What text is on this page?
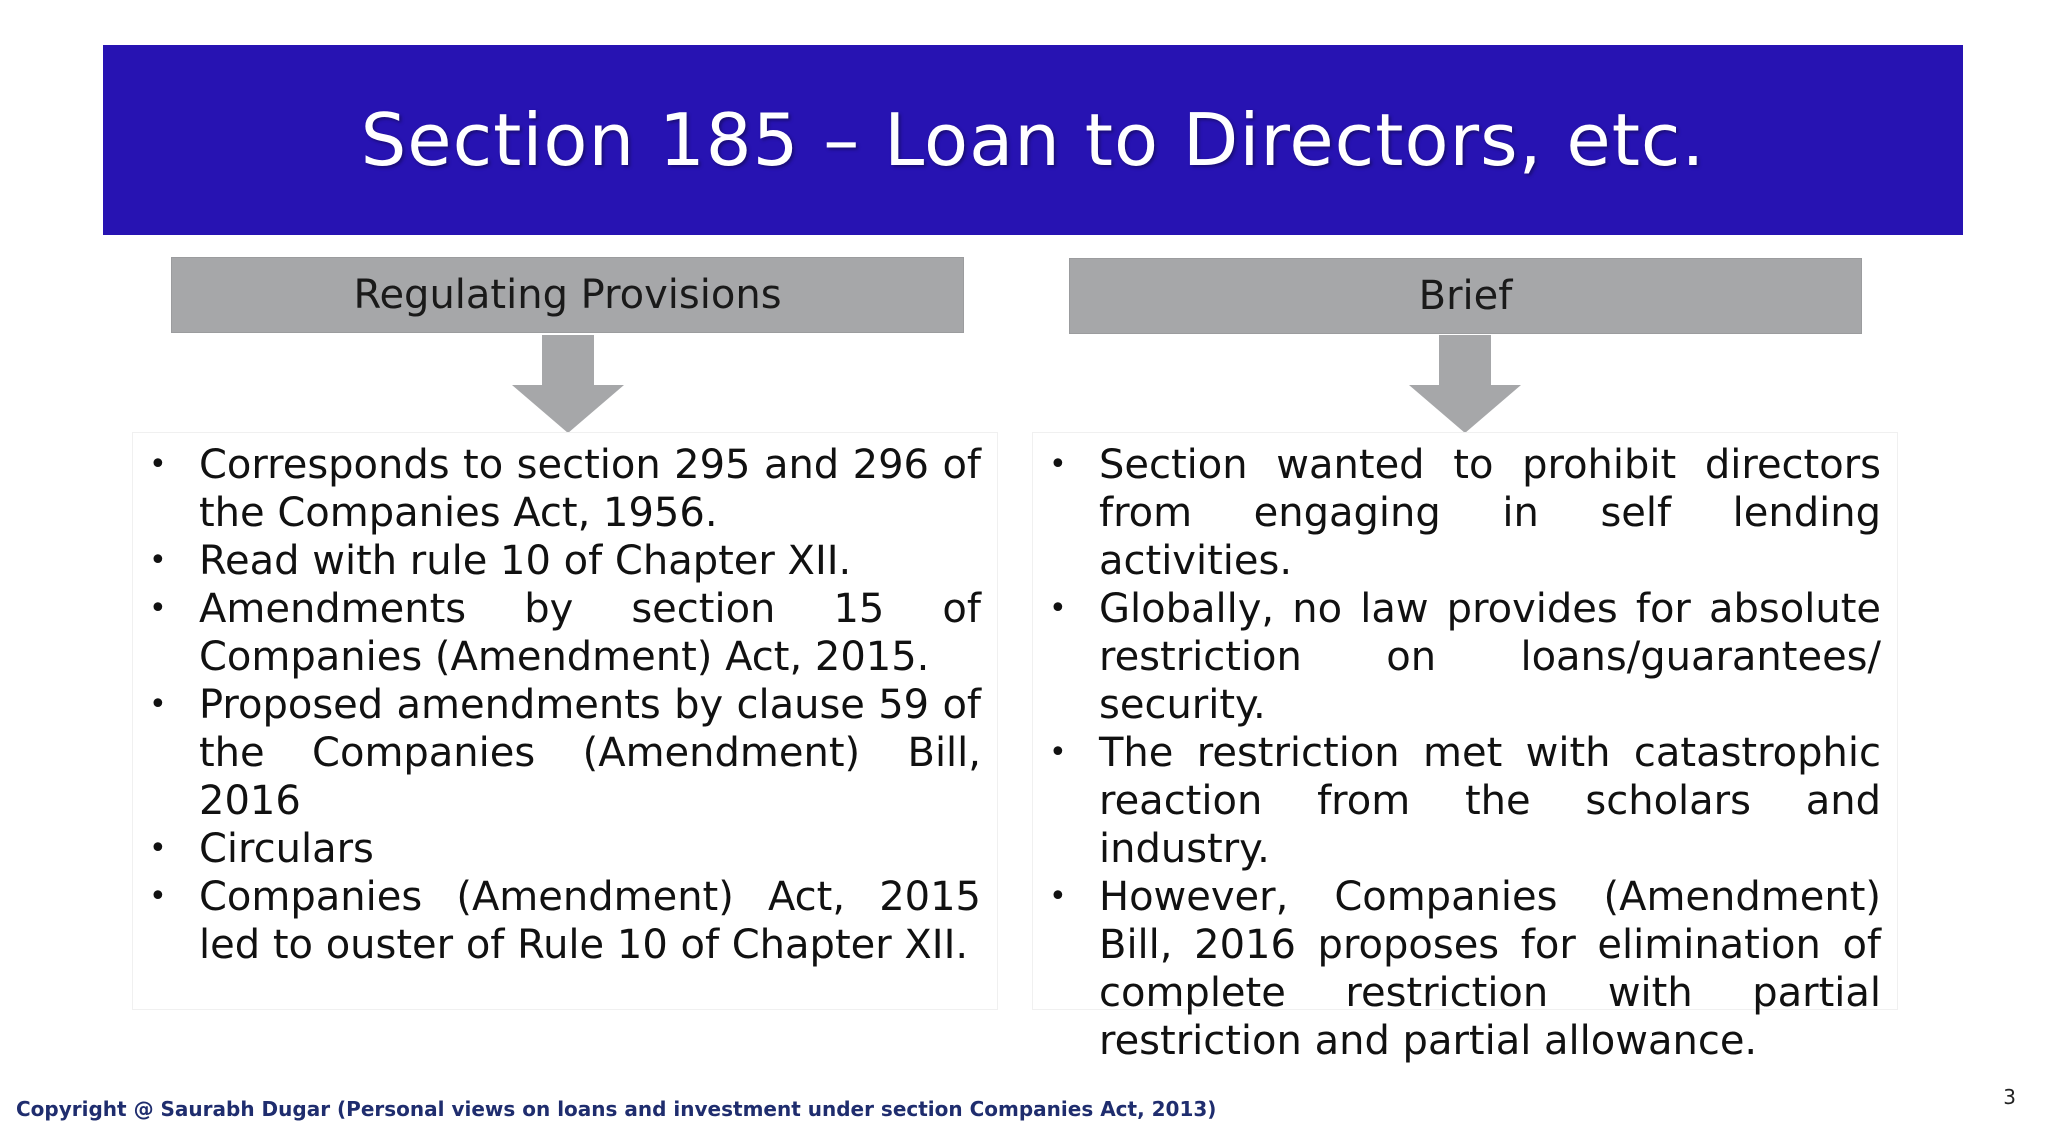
Section 185 – Loan to Directors, etc.
Regulating Provisions	Brief
• Corresponds to section 295 and 296 of the Companies Act, 1956.
• Read with rule 10 of Chapter XII.
• Amendments by section 15 of Companies (Amendment) Act, 2015.
• Proposed amendments by clause 59 of the Companies (Amendment) Bill, 2016
• Circulars
• Companies (Amendment) Act, 2015 led to ouster of Rule 10 of Chapter XII.
• Section wanted to prohibit directors from engaging in self lending activities.
• Globally, no law provides for absolute restriction on loans/guarantees/ security.
• The restriction met with catastrophic reaction from the scholars and industry.
• However, Companies (Amendment) Bill, 2016 proposes for elimination of complete restriction with partial restriction and partial allowance.
Copyright @ Saurabh Dugar (Personal views on loans and investment under section Companies Act, 2013)	3
